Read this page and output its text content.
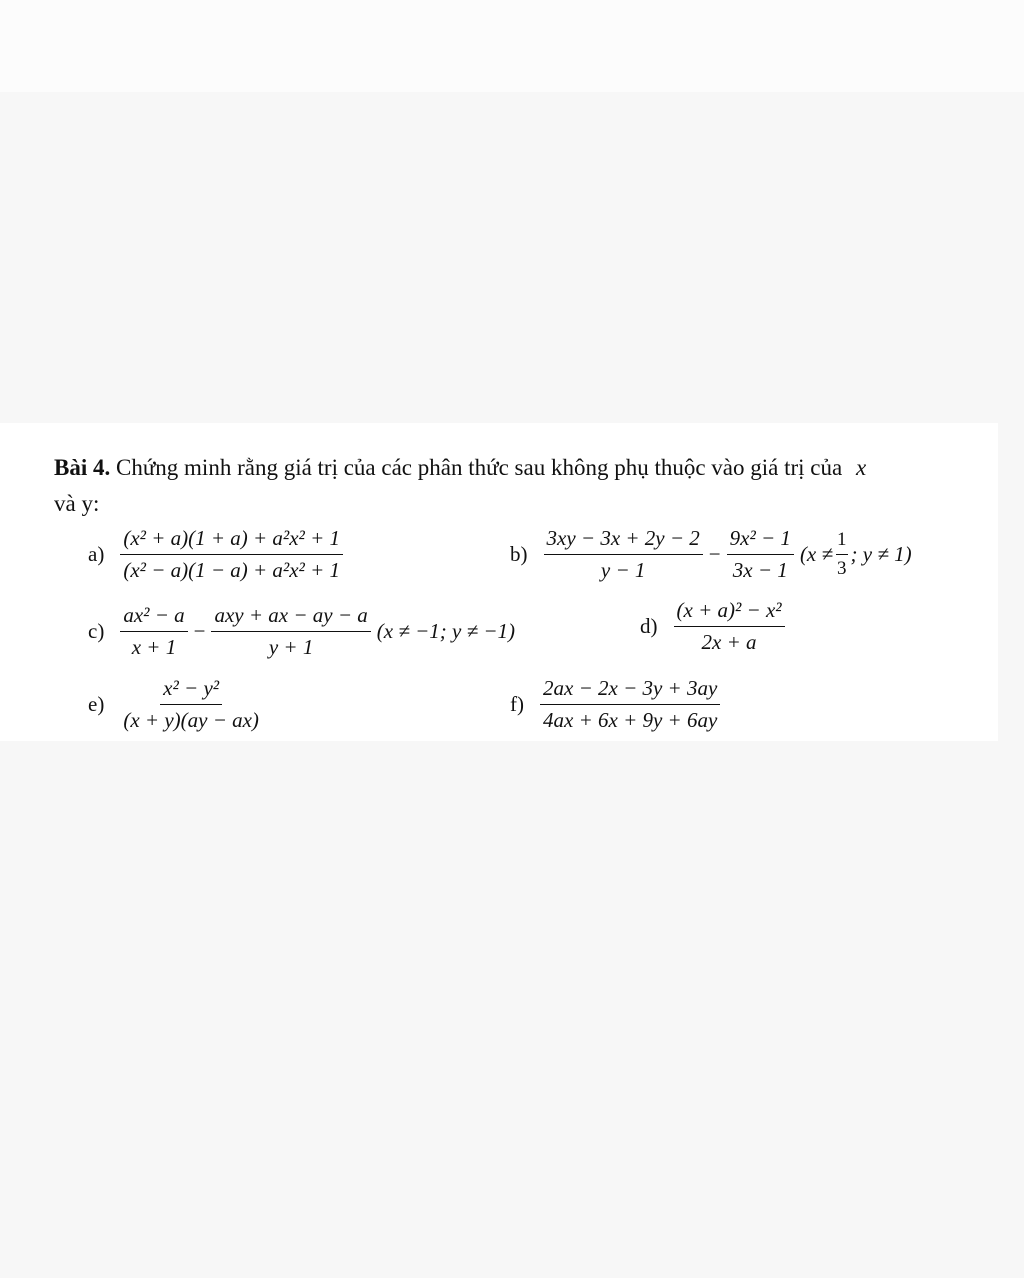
Bài 4. Chứng minh rằng giá trị của các phân thức sau không phụ thuộc vào giá trị của x
và y:
$a) \frac{\text{(x² + a)(1 + a) + a²x² + 1}}{\text{(x² − a)(1 − a) + a²x² + 1}}$	$b) \frac{3xy - 3x + 2y - 2}{y - 1} - \frac{\text{9x² − 1}}{3x - 1} (x \ne \frac{1}{3}$ ; y ≠ 1)
$c) \frac{\text{ax² − a}}{x + 1} - \frac{\text{axy + ax − ay − a}}{y + 1} (x \ne -1$; y ≠ −1)	$d) \frac{\text{(x + a)² − x²}}{2x + a}$
$e) \frac{\text{x² − y²}}{(x + y)(ay - ax)}$	$f) \frac{2ax - 2x - 3y + 3ay}{4ax + 6x + 9y + 6ay}$
